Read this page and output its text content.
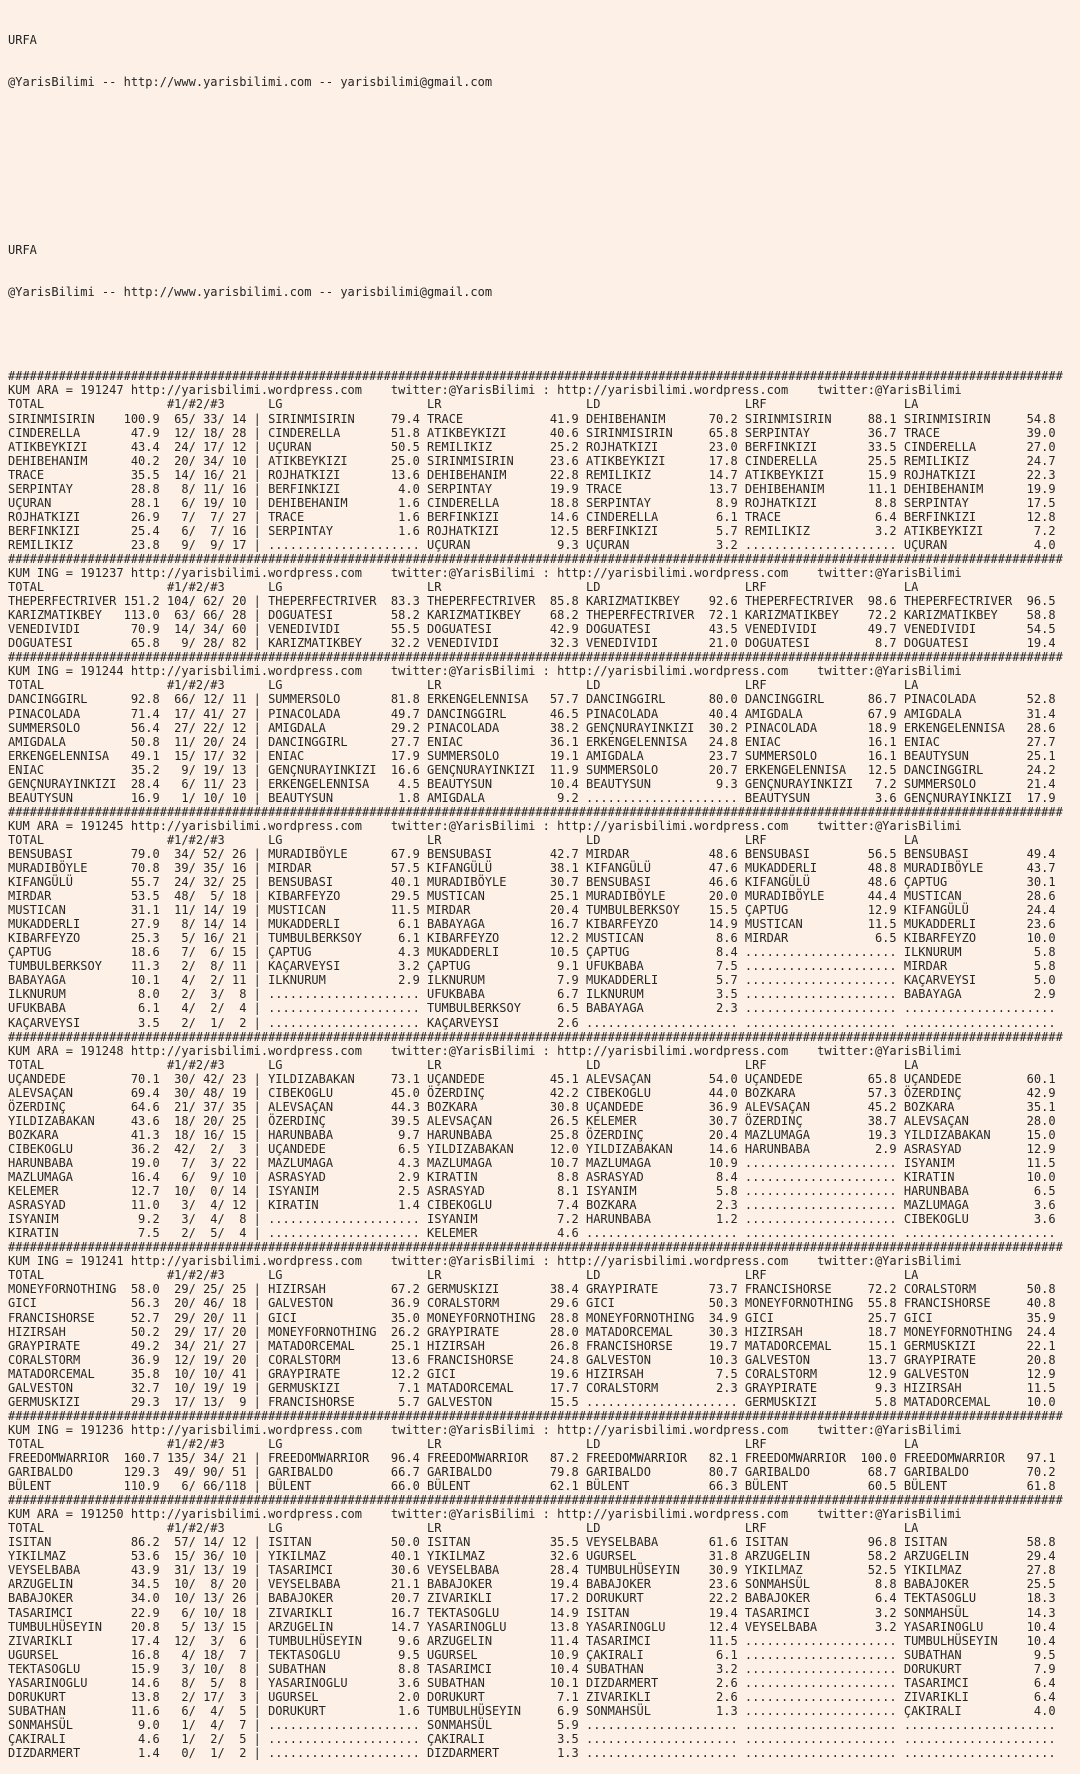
URFA

@YarisBilimi -- http://www.yarisbilimi.com -- yarisbilimi@gmail.com

URFA

@YarisBilimi -- http://www.yarisbilimi.com -- yarisbilimi@gmail.com

##################################################################################################################################################
KUM ARA = 191247 http://yarisbilimi.wordpress.com    twitter:@YarisBilimi : http://yarisbilimi.wordpress.com    twitter:@YarisBilimi
TOTAL                 #1/#2/#3      LG                    LR                    LD                    LRF                   LA
SIRINMISIRIN    100.9  65/ 33/ 14 | SIRINMISIRIN     79.4 TRACE            41.9 DEHIBEHANIM      70.2 SIRINMISIRIN     88.1 SIRINMISIRIN     54.8
CINDERELLA       47.9  12/ 18/ 28 | CINDERELLA       51.8 ATIKBEYKIZI      40.6 SIRINMISIRIN     65.8 SERPINTAY        36.7 TRACE            39.0
ATIKBEYKIZI      43.4  24/ 17/ 12 | UÇURAN           50.5 REMILIKIZ        25.2 ROJHATKIZI       23.0 BERFINKIZI       33.5 CINDERELLA       27.0
DEHIBEHANIM      40.2  20/ 34/ 10 | ATIKBEYKIZI      25.0 SIRINMISIRIN     23.6 ATIKBEYKIZI      17.8 CINDERELLA       25.5 REMILIKIZ        24.7
TRACE            35.5  14/ 16/ 21 | ROJHATKIZI       13.6 DEHIBEHANIM      22.8 REMILIKIZ        14.7 ATIKBEYKIZI      15.9 ROJHATKIZI       22.3
SERPINTAY        28.8   8/ 11/ 16 | BERFINKIZI        4.0 SERPINTAY        19.9 TRACE            13.7 DEHIBEHANIM      11.1 DEHIBEHANIM      19.9
UÇURAN           28.1   6/ 19/ 10 | DEHIBEHANIM       1.6 CINDERELLA       18.8 SERPINTAY         8.9 ROJHATKIZI        8.8 SERPINTAY        17.5
ROJHATKIZI       26.9   7/  7/ 27 | TRACE             1.6 BERFINKIZI       14.6 CINDERELLA        6.1 TRACE             6.4 BERFINKIZI       12.8
BERFINKIZI       25.4   6/  7/ 16 | SERPINTAY         1.6 ROJHATKIZI       12.5 BERFINKIZI        5.7 REMILIKIZ         3.2 ATIKBEYKIZI       7.2
REMILIKIZ        23.8   9/  9/ 17 | ..................... UÇURAN            9.3 UÇURAN            3.2 ..................... UÇURAN            4.0
##################################################################################################################################################
KUM ING = 191237 http://yarisbilimi.wordpress.com    twitter:@YarisBilimi : http://yarisbilimi.wordpress.com    twitter:@YarisBilimi
TOTAL                 #1/#2/#3      LG                    LR                    LD                    LRF                   LA
THEPERFECTRIVER 151.2 104/ 62/ 20 | THEPERFECTRIVER  83.3 THEPERFECTRIVER  85.8 KARIZMATIKBEY    92.6 THEPERFECTRIVER  98.6 THEPERFECTRIVER  96.5
KARIZMATIKBEY   113.0  63/ 66/ 28 | DOGUATESI        58.2 KARIZMATIKBEY    68.2 THEPERFECTRIVER  72.1 KARIZMATIKBEY    72.2 KARIZMATIKBEY    58.8
VENEDIVIDI       70.9  14/ 34/ 60 | VENEDIVIDI       55.5 DOGUATESI        42.9 DOGUATESI        43.5 VENEDIVIDI       49.7 VENEDIVIDI       54.5
DOGUATESI        65.8   9/ 28/ 82 | KARIZMATIKBEY    32.2 VENEDIVIDI       32.3 VENEDIVIDI       21.0 DOGUATESI         8.7 DOGUATESI        19.4
##################################################################################################################################################
KUM ING = 191244 http://yarisbilimi.wordpress.com    twitter:@YarisBilimi : http://yarisbilimi.wordpress.com    twitter:@YarisBilimi
TOTAL                 #1/#2/#3      LG                    LR                    LD                    LRF                   LA
DANCINGGIRL      92.8  66/ 12/ 11 | SUMMERSOLO       81.8 ERKENGELENNISA   57.7 DANCINGGIRL      80.0 DANCINGGIRL      86.7 PINACOLADA       52.8
PINACOLADA       71.4  17/ 41/ 27 | PINACOLADA       49.7 DANCINGGIRL      46.5 PINACOLADA       40.4 AMIGDALA         67.9 AMIGDALA         31.4
SUMMERSOLO       56.4  27/ 22/ 12 | AMIGDALA         29.2 PINACOLADA       38.2 GENÇNURAYINKIZI  30.2 PINACOLADA       18.9 ERKENGELENNISA   28.6
AMIGDALA         50.8  11/ 20/ 24 | DANCINGGIRL      27.7 ENIAC            36.1 ERKENGELENNISA   24.8 ENIAC            16.1 ENIAC            27.7
ERKENGELENNISA   49.1  15/ 17/ 32 | ENIAC            17.9 SUMMERSOLO       19.1 AMIGDALA         23.7 SUMMERSOLO       16.1 BEAUTYSUN        25.1
ENIAC            35.2   9/ 19/ 13 | GENÇNURAYINKIZI  16.6 GENÇNURAYINKIZI  11.9 SUMMERSOLO       20.7 ERKENGELENNISA   12.5 DANCINGGIRL      24.2
GENÇNURAYINKIZI  28.4   6/ 11/ 23 | ERKENGELENNISA    4.5 BEAUTYSUN        10.4 BEAUTYSUN         9.3 GENÇNURAYINKIZI   7.2 SUMMERSOLO       21.4
BEAUTYSUN        16.9   1/ 10/ 10 | BEAUTYSUN         1.8 AMIGDALA          9.2 ..................... BEAUTYSUN         3.6 GENÇNURAYINKIZI  17.9
##################################################################################################################################################
KUM ARA = 191245 http://yarisbilimi.wordpress.com    twitter:@YarisBilimi : http://yarisbilimi.wordpress.com    twitter:@YarisBilimi
TOTAL                 #1/#2/#3      LG                    LR                    LD                    LRF                   LA
BENSUBASI        79.0  34/ 52/ 26 | MURADIBÖYLE      67.9 BENSUBASI        42.7 MIRDAR           48.6 BENSUBASI        56.5 BENSUBASI        49.4
MURADIBÖYLE      70.8  39/ 35/ 16 | MIRDAR           57.5 KIFANGÜLÜ        38.1 KIFANGÜLÜ        47.6 MUKADDERLI       48.8 MURADIBÖYLE      43.7
KIFANGÜLÜ        55.7  24/ 32/ 25 | BENSUBASI        40.1 MURADIBÖYLE      30.7 BENSUBASI        46.6 KIFANGÜLÜ        48.6 ÇAPTUG           30.1
MIRDAR           53.5  48/  5/ 18 | KIBARFEYZO       29.5 MUSTICAN         25.1 MURADIBÖYLE      20.0 MURADIBÖYLE      44.4 MUSTICAN         28.6
MUSTICAN         31.1  11/ 14/ 19 | MUSTICAN         11.5 MIRDAR           20.4 TUMBULBERKSOY    15.5 ÇAPTUG           12.9 KIFANGÜLÜ        24.4
MUKADDERLI       27.9   8/ 14/ 14 | MUKADDERLI        6.1 BABAYAGA         16.7 KIBARFEYZO       14.9 MUSTICAN         11.5 MUKADDERLI       23.6
KIBARFEYZO       25.3   5/ 16/ 21 | TUMBULBERKSOY     6.1 KIBARFEYZO       12.2 MUSTICAN          8.6 MIRDAR            6.5 KIBARFEYZO       10.0
ÇAPTUG           18.6   7/  6/ 15 | ÇAPTUG            4.3 MUKADDERLI       10.5 ÇAPTUG            8.4 ..................... ILKNURUM          5.8
TUMBULBERKSOY    11.3   2/  8/ 11 | KAÇARVEYSI        3.2 ÇAPTUG            9.1 UFUKBABA          7.5 ..................... MIRDAR            5.8
BABAYAGA         10.1   4/  2/ 11 | ILKNURUM          2.9 ILKNURUM          7.9 MUKADDERLI        5.7 ..................... KAÇARVEYSI        5.0
ILKNURUM          8.0   2/  3/  8 | ..................... UFUKBABA          6.7 ILKNURUM          3.5 ..................... BABAYAGA          2.9
UFUKBABA          6.1   4/  2/  4 | ..................... TUMBULBERKSOY     6.5 BABAYAGA          2.3 ..................... .....................
KAÇARVEYSI        3.5   2/  1/  2 | ..................... KAÇARVEYSI        2.6 ..................... ..................... .....................
##################################################################################################################################################
KUM ARA = 191248 http://yarisbilimi.wordpress.com    twitter:@YarisBilimi : http://yarisbilimi.wordpress.com    twitter:@YarisBilimi
TOTAL                 #1/#2/#3      LG                    LR                    LD                    LRF                   LA
UÇANDEDE         70.1  30/ 42/ 23 | YILDIZABAKAN     73.1 UÇANDEDE         45.1 ALEVSAÇAN        54.0 UÇANDEDE         65.8 UÇANDEDE         60.1
ALEVSAÇAN        69.4  30/ 48/ 19 | CIBEKOGLU        45.0 ÖZERDINÇ         42.2 CIBEKOGLU        44.0 BOZKARA          57.3 ÖZERDINÇ         42.9
ÖZERDINÇ         64.6  21/ 37/ 35 | ALEVSAÇAN        44.3 BOZKARA          30.8 UÇANDEDE         36.9 ALEVSAÇAN        45.2 BOZKARA          35.1
YILDIZABAKAN     43.6  18/ 20/ 25 | ÖZERDINÇ         39.5 ALEVSAÇAN        26.5 KELEMER          30.7 ÖZERDINÇ         38.7 ALEVSAÇAN        28.0
BOZKARA          41.3  18/ 16/ 15 | HARUNBABA         9.7 HARUNBABA        25.8 ÖZERDINÇ         20.4 MAZLUMAGA        19.3 YILDIZABAKAN     15.0
CIBEKOGLU        36.2  42/  2/  3 | UÇANDEDE          6.5 YILDIZABAKAN     12.0 YILDIZABAKAN     14.6 HARUNBABA         2.9 ASRASYAD         12.9
HARUNBABA        19.0   7/  3/ 22 | MAZLUMAGA         4.3 MAZLUMAGA        10.7 MAZLUMAGA        10.9 ..................... ISYANIM          11.5
MAZLUMAGA        16.4   6/  9/ 10 | ASRASYAD          2.9 KIRATIN           8.8 ASRASYAD          8.4 ..................... KIRATIN          10.0
KELEMER          12.7  10/  0/ 14 | ISYANIM           2.5 ASRASYAD          8.1 ISYANIM           5.8 ..................... HARUNBABA         6.5
ASRASYAD         11.0   3/  4/ 12 | KIRATIN           1.4 CIBEKOGLU         7.4 BOZKARA           2.3 ..................... MAZLUMAGA         3.6
ISYANIM           9.2   3/  4/  8 | ..................... ISYANIM           7.2 HARUNBABA         1.2 ..................... CIBEKOGLU         3.6
KIRATIN           7.5   2/  5/  4 | ..................... KELEMER           4.6 ..................... ..................... .....................
##################################################################################################################################################
KUM ING = 191241 http://yarisbilimi.wordpress.com    twitter:@YarisBilimi : http://yarisbilimi.wordpress.com    twitter:@YarisBilimi
TOTAL                 #1/#2/#3      LG                    LR                    LD                    LRF                   LA
MONEYFORNOTHING  58.0  29/ 25/ 25 | HIZIRSAH         67.2 GERMUSKIZI       38.4 GRAYPIRATE       73.7 FRANCISHORSE     72.2 CORALSTORM       50.8
GICI             56.3  20/ 46/ 18 | GALVESTON        36.9 CORALSTORM       29.6 GICI             50.3 MONEYFORNOTHING  55.8 FRANCISHORSE     40.8
FRANCISHORSE     52.7  29/ 20/ 11 | GICI             35.0 MONEYFORNOTHING  28.8 MONEYFORNOTHING  34.9 GICI             25.7 GICI             35.9
HIZIRSAH         50.2  29/ 17/ 20 | MONEYFORNOTHING  26.2 GRAYPIRATE       28.0 MATADORCEMAL     30.3 HIZIRSAH         18.7 MONEYFORNOTHING  24.4
GRAYPIRATE       49.2  34/ 21/ 27 | MATADORCEMAL     25.1 HIZIRSAH         26.8 FRANCISHORSE     19.7 MATADORCEMAL     15.1 GERMUSKIZI       22.1
CORALSTORM       36.9  12/ 19/ 20 | CORALSTORM       13.6 FRANCISHORSE     24.8 GALVESTON        10.3 GALVESTON        13.7 GRAYPIRATE       20.8
MATADORCEMAL     35.8  10/ 10/ 41 | GRAYPIRATE       12.2 GICI             19.6 HIZIRSAH          7.5 CORALSTORM       12.9 GALVESTON        12.9
GALVESTON        32.7  10/ 19/ 19 | GERMUSKIZI        7.1 MATADORCEMAL     17.7 CORALSTORM        2.3 GRAYPIRATE        9.3 HIZIRSAH         11.5
GERMUSKIZI       29.3  17/ 13/  9 | FRANCISHORSE      5.7 GALVESTON        15.5 ..................... GERMUSKIZI        5.8 MATADORCEMAL     10.0
##################################################################################################################################################
KUM ING = 191236 http://yarisbilimi.wordpress.com    twitter:@YarisBilimi : http://yarisbilimi.wordpress.com    twitter:@YarisBilimi
TOTAL                 #1/#2/#3      LG                    LR                    LD                    LRF                   LA
FREEDOMWARRIOR  160.7 135/ 34/ 21 | FREEDOMWARRIOR   96.4 FREEDOMWARRIOR   87.2 FREEDOMWARRIOR   82.1 FREEDOMWARRIOR  100.0 FREEDOMWARRIOR   97.1
GARIBALDO       129.3  49/ 90/ 51 | GARIBALDO        66.7 GARIBALDO        79.8 GARIBALDO        80.7 GARIBALDO        68.7 GARIBALDO        70.2
BÜLENT          110.9   6/ 66/118 | BÜLENT           66.0 BÜLENT           62.1 BÜLENT           66.3 BÜLENT           60.5 BÜLENT           61.8
##################################################################################################################################################
KUM ARA = 191250 http://yarisbilimi.wordpress.com    twitter:@YarisBilimi : http://yarisbilimi.wordpress.com    twitter:@YarisBilimi
TOTAL                 #1/#2/#3      LG                    LR                    LD                    LRF                   LA
ISITAN           86.2  57/ 14/ 12 | ISITAN           50.0 ISITAN           35.5 VEYSELBABA       61.6 ISITAN           96.8 ISITAN           58.8
YIKILMAZ         53.6  15/ 36/ 10 | YIKILMAZ         40.1 YIKILMAZ         32.6 UGURSEL          31.8 ARZUGELIN        58.2 ARZUGELIN        29.4
VEYSELBABA       43.9  31/ 13/ 19 | TASARIMCI        30.6 VEYSELBABA       28.4 TUMBULHÜSEYIN    30.9 YIKILMAZ         52.5 YIKILMAZ         27.8
ARZUGELIN        34.5  10/  8/ 20 | VEYSELBABA       21.1 BABAJOKER        19.4 BABAJOKER        23.6 SONMAHSÜL         8.8 BABAJOKER        25.5
BABAJOKER        34.0  10/ 13/ 26 | BABAJOKER        20.7 ZIVARIKLI        17.2 DORUKURT         22.2 BABAJOKER         6.4 TEKTASOGLU       18.3
TASARIMCI        22.9   6/ 10/ 18 | ZIVARIKLI        16.7 TEKTASOGLU       14.9 ISITAN           19.4 TASARIMCI         3.2 SONMAHSÜL        14.3
TUMBULHÜSEYIN    20.8   5/ 13/ 15 | ARZUGELIN        14.7 YASARINOGLU      13.8 YASARINOGLU      12.4 VEYSELBABA        3.2 YASARINOGLU      10.4
ZIVARIKLI        17.4  12/  3/  6 | TUMBULHÜSEYIN     9.6 ARZUGELIN        11.4 TASARIMCI        11.5 ..................... TUMBULHÜSEYIN    10.4
UGURSEL          16.8   4/ 18/  7 | TEKTASOGLU        9.5 UGURSEL          10.9 ÇAKIRALI          6.1 ..................... SUBATHAN          9.5
TEKTASOGLU       15.9   3/ 10/  8 | SUBATHAN          8.8 TASARIMCI        10.4 SUBATHAN          3.2 ..................... DORUKURT          7.9
YASARINOGLU      14.6   8/  5/  8 | YASARINOGLU       3.6 SUBATHAN         10.1 DIZDARMERT        2.6 ..................... TASARIMCI         6.4
DORUKURT         13.8   2/ 17/  3 | UGURSEL           2.0 DORUKURT          7.1 ZIVARIKLI         2.6 ..................... ZIVARIKLI         6.4
SUBATHAN         11.6   6/  4/  5 | DORUKURT          1.6 TUMBULHÜSEYIN     6.9 SONMAHSÜL         1.3 ..................... ÇAKIRALI          4.0
SONMAHSÜL         9.0   1/  4/  7 | ..................... SONMAHSÜL         5.9 ..................... ..................... .....................
ÇAKIRALI          4.6   1/  2/  5 | ..................... ÇAKIRALI          3.5 ..................... ..................... .....................
DIZDARMERT        1.4   0/  1/  2 | ..................... DIZDARMERT        1.3 ..................... ..................... .....................
